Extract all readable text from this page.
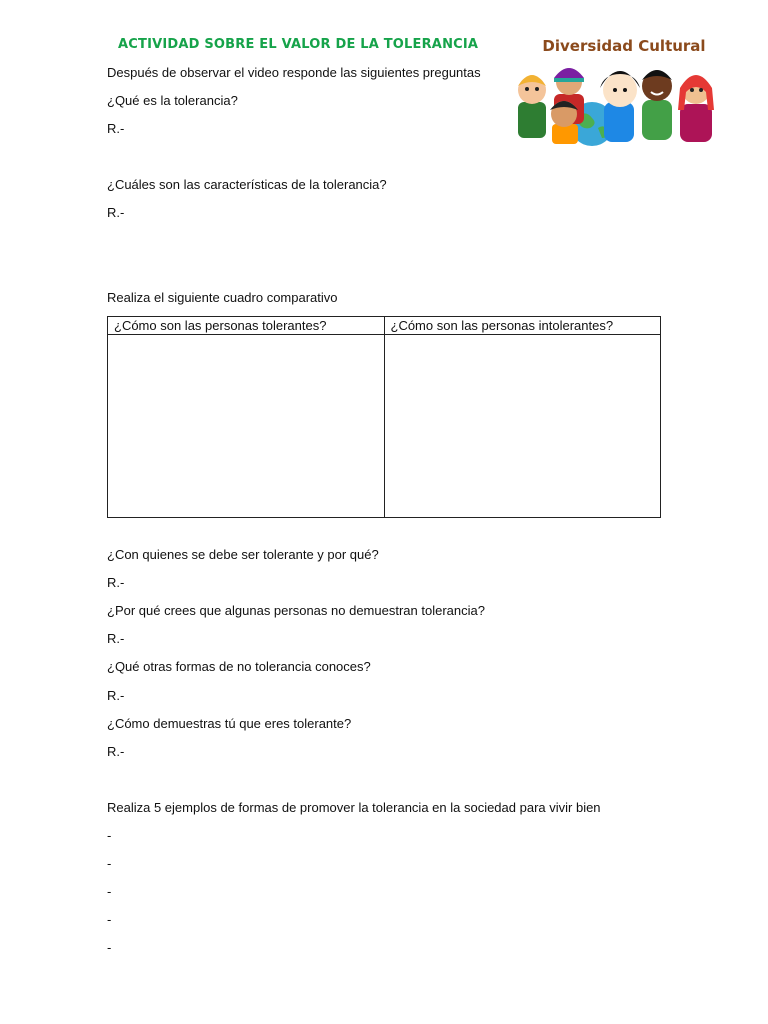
ACTIVIDAD SOBRE EL VALOR DE LA TOLERANCIA	Diversidad Cultural
Después de observar el video responde las siguientes preguntas
¿Qué es la tolerancia?
R.-
¿Cuáles son las características de la tolerancia?
R.-
Realiza el siguiente cuadro comparativo
¿Cómo son las personas tolerantes?	¿Cómo son las personas intolerantes?

¿Con quienes se debe ser tolerante y por qué?
R.-
¿Por qué crees que algunas personas no demuestran tolerancia?
R.-
¿Qué otras formas de no tolerancia conoces?
R.-
¿Cómo demuestras tú que eres tolerante?
R.-
Realiza 5 ejemplos de formas de promover la tolerancia en la sociedad para vivir bien
-
-
-
-
-
